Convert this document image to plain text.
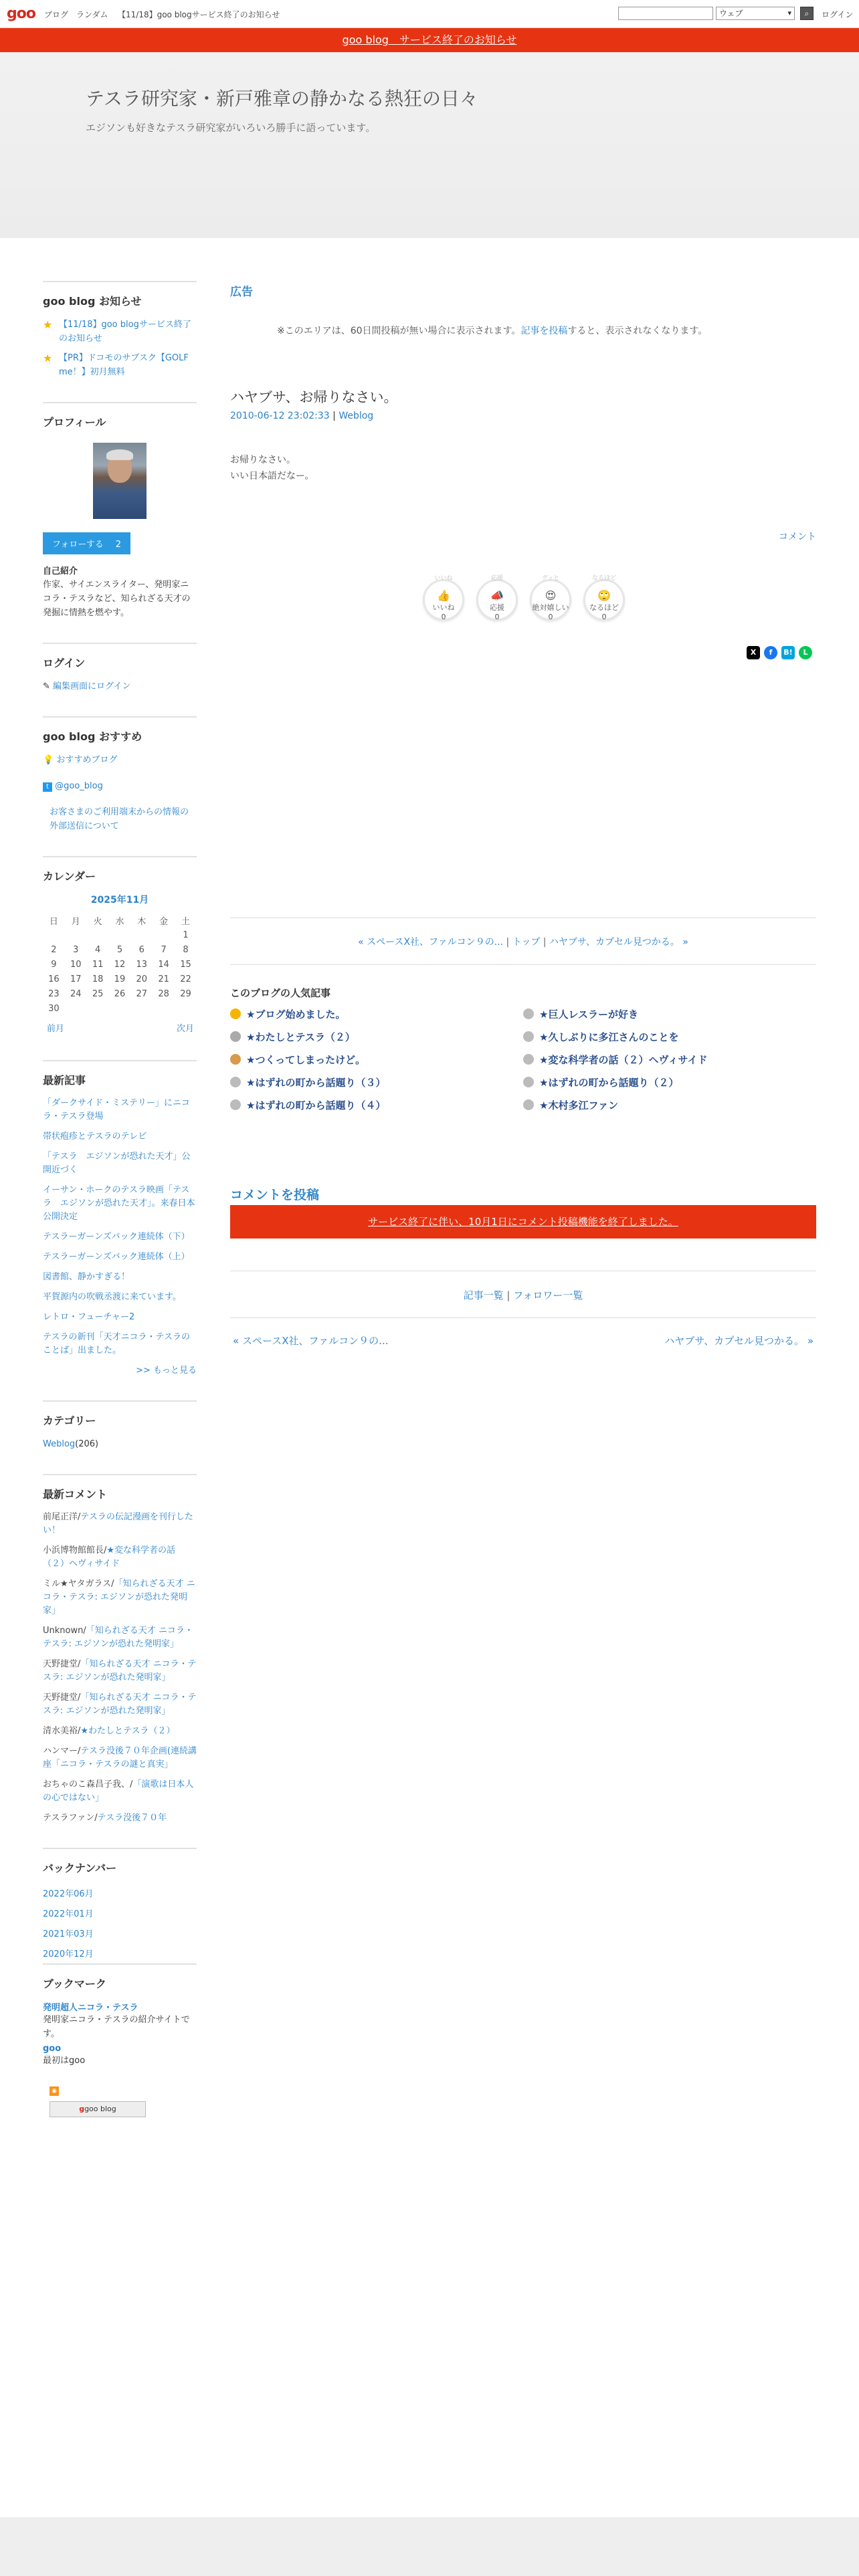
goo ブログ ランダム 【11/18】goo blogサービス終了のお知らせ	ウェブ ▾	⌕	ログイン
goo blog　サービス終了のお知らせ
テスラ研究家・新戸雅章の静かなる熱狂の日々
エジソンも好きなテスラ研究家がいろいろ勝手に語っています。
goo blog お知らせ
★ 【11/18】goo blogサービス終了のお知らせ
★ 【PR】ドコモのサブスク【GOLF me！】初月無料
プロフィール
フォローする 2
自己紹介
作家、サイエンスライター、発明家ニコラ・テスラなど、知られざる天才の発掘に情熱を燃やす。
ログイン
✎ 編集画面にログイン
goo blog おすすめ
💡 おすすめブログ
t @goo_blog
お客さまのご利用端末からの情報の外部送信について
カレンダー
2025年11月
日	月	火	水	木	金	土
						1
2	3	4	5	6	7	8
9	10	11	12	13	14	15
16	17	18	19	20	21	22
23	24	25	26	27	28	29
30						
前月	次月
最新記事
「ダークサイド・ミステリー」にニコラ・テスラ登場
帯状疱疹とテスラのテレビ
「テスラ　エジソンが恐れた天才」公開近づく
イーサン・ホークのテスラ映画「テスラ　エジソンが恐れた天才」。来春日本公開決定
テスラーガーンズバック連続体（下）
テスラーガーンズバック連続体（上）
図書館、静かすぎる！
平賀源内の吹戦丞渡に来ています。
レトロ・フューチャー2
テスラの新刊「天才ニコラ・テスラのことば」出ました。
>> もっと見る
カテゴリー
Weblog(206)
最新コメント
前尾正洋/テスラの伝記漫画を刊行したい！
小浜博物館館長/★変な科学者の話（２）ヘヴィサイド
ミル★ヤタガラス/「知られざる天才 ニコラ・テスラ: エジソンが恐れた発明家」
Unknown/「知られざる天才 ニコラ・テスラ: エジソンが恐れた発明家」
天野捷堂/「知られざる天才 ニコラ・テスラ: エジソンが恐れた発明家」
天野捷堂/「知られざる天才 ニコラ・テスラ: エジソンが恐れた発明家」
清水美裕/★わたしとテスラ（２）
ハンマー/テスラ没後７０年企画(連続講座「ニコラ・テスラの謎と真実」
おちゃのこ森昌子我、/「演歌は日本人の心ではない」
テスラファン/テスラ没後７０年
バックナンバー
2022年06月
2022年01月
2021年03月
2020年12月
ブックマーク
発明超人ニコラ・テスラ
発明家ニコラ・テスラの紹介サイトです。
goo
最初はgoo
◉
ggoo blog
広告
※このエリアは、60日間投稿が無い場合に表示されます。記事を投稿すると、表示されなくなります。
ハヤブサ、お帰りなさい。
2010-06-12 23:02:33 | Weblog
お帰りなさい。
いい日本語だなー。
コメント
いいね
👍
いいね
0
応援
📣
応援
0
グッと
😍
絶対嬉しい
0
なるほど
🙄
なるほど
0
X f B! L
« スペースX社、ファルコン９の... | トップ | ハヤブサ、カプセル見つかる。 »
このブログの人気記事
★ブログ始めました。
★わたしとテスラ（２）
★つくってしまったけど。
★はずれの町から話題り（３）
★はずれの町から話題り（４）
★巨人レスラーが好き
★久しぶりに多江さんのことを
★変な科学者の話（２）ヘヴィサイド
★はずれの町から話題り（２）
★木村多江ファン
コメントを投稿
サービス終了に伴い、10月1日にコメント投稿機能を終了しました。
記事一覧 | フォロワー一覧
« スペースX社、ファルコン９の...	ハヤブサ、カプセル見つかる。 »
